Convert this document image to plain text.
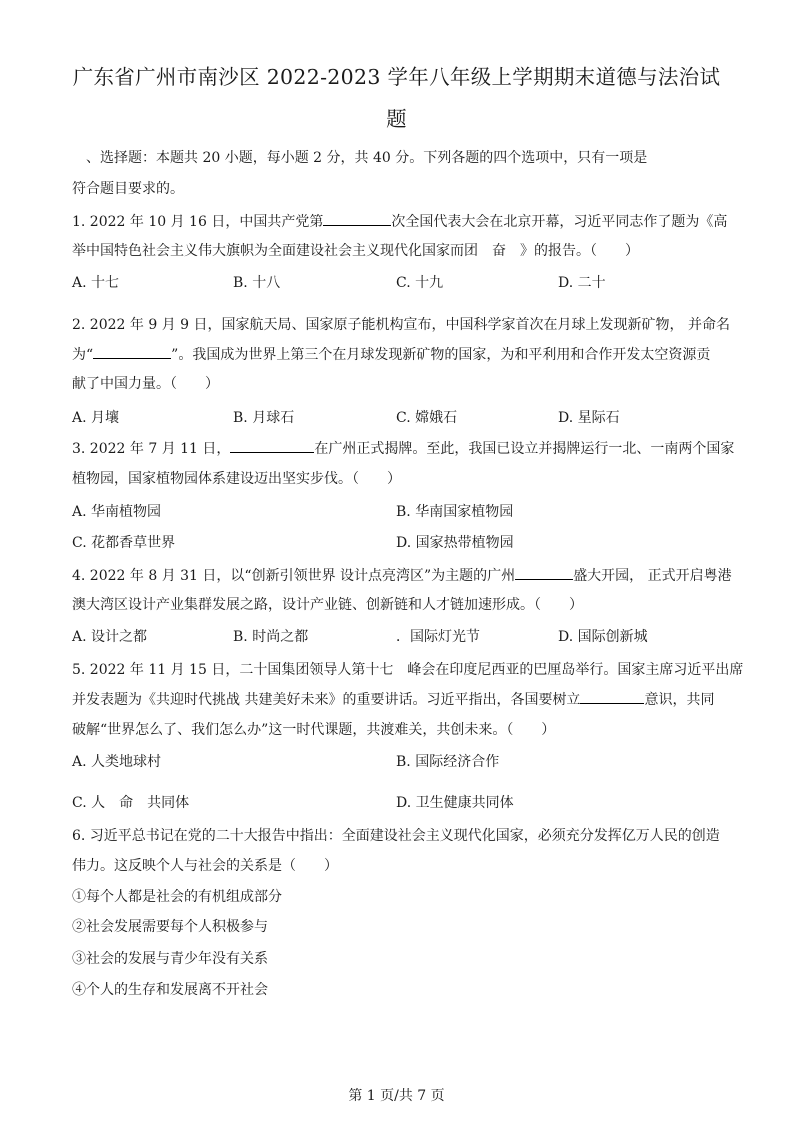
广东省广州市南沙区 2022-2023 学年八年级上学期期末道德与法治试
题
、选择题：本题共 20 小题，每小题 2 分，共 40 分。下列各题的四个选项中，只有一项是
符合题目要求的。
1. 2022 年 10 月 16 日，中国共产党第	次全国代表大会在北京开幕，习近平同志作了题为《高
举中国特色社会主义伟大旗帜为全面建设社会主义现代化国家而团　奋　》的报告。（　　）
A. 十七	B. 十八	C. 十九	D. 二十
2. 2022 年 9 月 9 日，国家航天局、国家原子能机构宣布，中国科学家首次在月球上发现新矿物， 并命名
为“	”。我国成为世界上第三个在月球发现新矿物的国家，为和平利用和合作开发太空资源贡
献了中国力量。（　　）
A. 月壤	B. 月球石	C. 嫦娥石	D. 星际石
3. 2022 年 7 月 11 日，	在广州正式揭牌。至此，我国已设立并揭牌运行一北、一南两个国家
植物园，国家植物园体系建设迈出坚实步伐。（　　）
A. 华南植物园	B. 华南国家植物园
C. 花都香草世界	D. 国家热带植物园
4. 2022 年 8 月 31 日，以“创新引领世界 设计点亮湾区”为主题的广州	盛大开园， 正式开启粤港
澳大湾区设计产业集群发展之路，设计产业链、创新链和人才链加速形成。（　　）
A. 设计之都	B. 时尚之都	．国际灯光节	D. 国际创新城
5. 2022 年 11 月 15 日，二十国集团领导人第十七　峰会在印度尼西亚的巴厘岛举行。国家主席习近平出席
并发表题为《共迎时代挑战 共建美好未来》的重要讲话。习近平指出，各国要树立	意识，共同
破解“世界怎么了、我们怎么办”这一时代课题，共渡难关，共创未来。（　　）
A. 人类地球村	B. 国际经济合作
C. 人　命　共同体	D. 卫生健康共同体
6. 习近平总书记在党的二十大报告中指出：全面建设社会主义现代化国家，必须充分发挥亿万人民的创造
伟力。这反映个人与社会的关系是（　　）
①每个人都是社会的有机组成部分
②社会发展需要每个人积极参与
③社会的发展与青少年没有关系
④个人的生存和发展离不开社会
第 1 页/共 7 页
